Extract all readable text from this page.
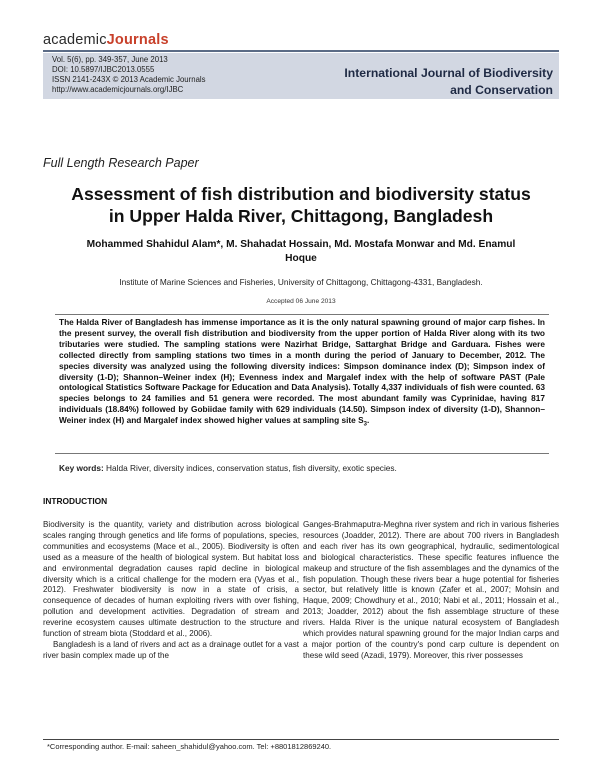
academicJournals
Vol. 5(6), pp. 349-357, June 2013
DOI: 10.5897/IJBC2013.0555
ISSN 2141-243X © 2013 Academic Journals
http://www.academicjournals.org/IJBC
International Journal of Biodiversity
and Conservation
Full Length Research Paper
Assessment of fish distribution and biodiversity status
in Upper Halda River, Chittagong, Bangladesh
Mohammed Shahidul Alam*, M. Shahadat Hossain, Md. Mostafa Monwar and Md. Enamul
Hoque
Institute of Marine Sciences and Fisheries, University of Chittagong, Chittagong-4331, Bangladesh.
Accepted 06 June 2013
The Halda River of Bangladesh has immense importance as it is the only natural spawning ground of major carp fishes. In the present survey, the overall fish distribution and biodiversity from the upper portion of Halda River along with its two tributaries were studied. The sampling stations were Nazirhat Bridge, Sattarghat Bridge and Garduara. Fishes were collected directly from sampling stations two times in a month during the period of January to December, 2012. The species diversity was analyzed using the following diversity indices: Simpson dominance index (D); Simpson index of diversity (1-D); Shannon–Weiner index (H); Evenness index and Margalef index with the help of software PAST (Pale ontological Statistics Software Package for Education and Data Analysis). Totally 4,337 individuals of fish were counted. 63 species belongs to 24 families and 51 genera were recorded. The most abundant family was Cyprinidae, having 817 individuals (18.84%) followed by Gobiidae family with 629 individuals (14.50). Simpson index of diversity (1-D), Shannon–Weiner index (H) and Margalef index showed higher values at sampling site $S_3$.
Key words: Halda River, diversity indices, conservation status, fish diversity, exotic species.
INTRODUCTION

Biodiversity is the quantity, variety and distribution across biological scales ranging through genetics and life forms of populations, species, communities and ecosystems (Mace et al., 2005). Biodiversity is often used as a measure of the health of biological system. But habitat loss and environmental degradation causes rapid decline in biological diversity which is a critical challenge for the modern era (Vyas et al., 2012). Freshwater biodiversity is now in a state of crisis, a consequence of decades of human exploiting rivers with over fishing, pollution and development activities. Degradation of stream and reverine ecosystem causes ultimate destruction to the structure and function of stream biota (Stoddard et al., 2006).

Bangladesh is a land of rivers and act as a drainage outlet for a vast river basin complex made up of the

Ganges-Brahmaputra-Meghna river system and rich in various fisheries resources (Joadder, 2012). There are about 700 rivers in Bangladesh and each river has its own geographical, hydraulic, sedimentological and biological characteristics. These specific features influence the makeup and structure of the fish assemblages and the dynamics of the fish population. Though these rivers bear a huge potential for fisheries sector, but relatively little is known (Zafer et al., 2007; Mohsin and Haque, 2009; Chowdhury et al., 2010; Nabi et al., 2011; Hossain et al., 2013; Joadder, 2012) about the fish assemblage structure of these rivers. Halda River is the unique natural ecosystem of Bangladesh which provides natural spawning ground for the major Indian carps and a major portion of the country's pond carp culture is dependent on these wild seed (Azadi, 1979). Moreover, this river possesses

*Corresponding author. E-mail: saheen_shahidul@yahoo.com. Tel: +8801812869240.
